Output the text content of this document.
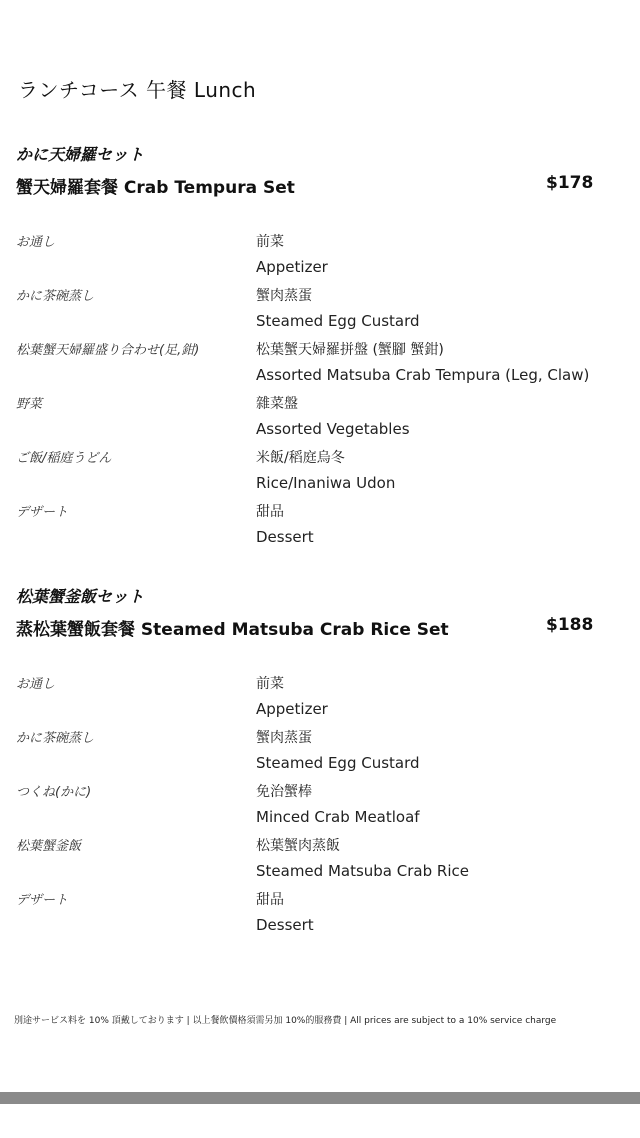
ランチコース 午餐 Lunch
かに天婦羅セット
蟹天婦羅套餐 Crab Tempura Set	$178
お通し	前菜
Appetizer
かに茶碗蒸し	蟹肉蒸蛋
Steamed Egg Custard
松葉蟹天婦羅盛り合わせ(足,鉗)	松葉蟹天婦羅拼盤 (蟹腳 蟹鉗)
Assorted Matsuba Crab Tempura (Leg, Claw)
野菜	雜菜盤
Assorted Vegetables
ご飯/稲庭うどん	米飯/稻庭烏冬
Rice/Inaniwa Udon
デザート	甜品
Dessert
松葉蟹釜飯セット
蒸松葉蟹飯套餐 Steamed Matsuba Crab Rice Set	$188
お通し	前菜
Appetizer
かに茶碗蒸し	蟹肉蒸蛋
Steamed Egg Custard
つくね(かに)	免治蟹棒
Minced Crab Meatloaf
松葉蟹釜飯	松葉蟹肉蒸飯
Steamed Matsuba Crab Rice
デザート	甜品
Dessert
別途サービス料を 10% 頂戴しております | 以上餐飲價格須需另加 10%的服務費 | All prices are subject to a 10% service charge
